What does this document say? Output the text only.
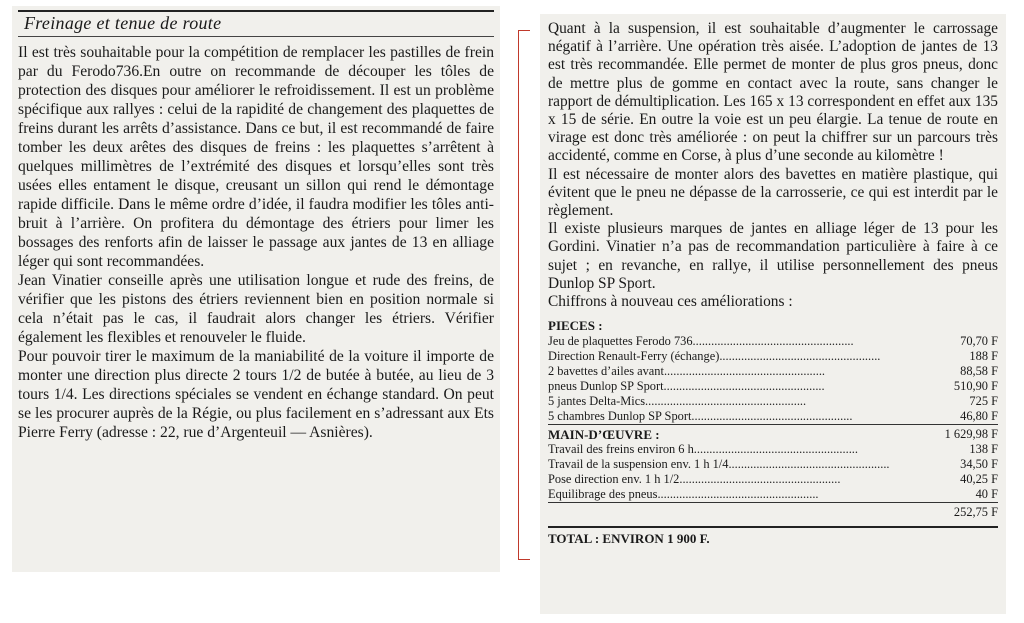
Freinage et tenue de route

Il est très souhaitable pour la compétition de remplacer les pastilles de frein par du Ferodo736.En outre on recommande de découper les tôles de protection des disques pour améliorer le refroidissement. Il est un problème spécifique aux rallyes : celui de la rapidité de changement des plaquettes de freins durant les arrêts d’assistance. Dans ce but, il est recommandé de faire tomber les deux arêtes des disques de freins : les plaquettes s’arrêtent à quelques millimètres de l’extrémité des disques et lorsqu’elles sont très usées elles entament le disque, creusant un sillon qui rend le démontage rapide difficile. Dans le même ordre d’idée, il faudra modifier les tôles anti-bruit à l’arrière. On profitera du démontage des étriers pour limer les bossages des renforts afin de laisser le passage aux jantes de 13 en alliage léger qui sont recommandées.

Jean Vinatier conseille après une utilisation longue et rude des freins, de vérifier que les pistons des étriers reviennent bien en position normale si cela n’était pas le cas, il faudrait alors changer les étriers. Vérifier également les flexibles et renouveler le fluide.

Pour pouvoir tirer le maximum de la maniabilité de la voiture il importe de monter une direction plus directe 2 tours 1/2 de butée à butée, au lieu de 3 tours 1/4. Les directions spéciales se vendent en échange standard. On peut se les procurer auprès de la Régie, ou plus facilement en s’adressant aux Ets Pierre Ferry (adresse : 22, rue d’Argenteuil — Asnières).

Quant à la suspension, il est souhaitable d’augmenter le carrossage négatif à l’arrière. Une opération très aisée. L’adoption de jantes de 13 est très recommandée. Elle permet de monter de plus gros pneus, donc de mettre plus de gomme en contact avec la route, sans changer le rapport de démultiplication. Les 165 x 13 correspondent en effet aux 135 x 15 de série. En outre la voie est un peu élargie. La tenue de route en virage est donc très améliorée : on peut la chiffrer sur un parcours très accidenté, comme en Corse, à plus d’une seconde au kilomètre !

Il est nécessaire de monter alors des bavettes en matière plastique, qui évitent que le pneu ne dépasse de la carrosserie, ce qui est interdit par le règlement.

Il existe plusieurs marques de jantes en alliage léger de 13 pour les Gordini. Vinatier n’a pas de recommandation particulière à faire à ce sujet ; en revanche, en rallye, il utilise personnellement des pneus Dunlop SP Sport.

Chiffrons à nouveau ces améliorations :

PIECES :
Jeu de plaquettes Ferodo 736....................................................	70,70 F
Direction Renault-Ferry (échange)....................................................	188 F
2 bavettes d’ailes avant....................................................	88,58 F
pneus Dunlop SP Sport....................................................	510,90 F
5 jantes Delta-Mics....................................................	725 F
5 chambres Dunlop SP Sport....................................................	46,80 F
MAIN-D’ŒUVRE :	1 629,98 F
Travail des freins environ 6 h.....................................................	138 F
Travail de la suspension env. 1 h 1/4....................................................	34,50 F
Pose direction env. 1 h 1/2....................................................	40,25 F
Equilibrage des pneus....................................................	40 F
	252,75 F
TOTAL : ENVIRON 1 900 F.
